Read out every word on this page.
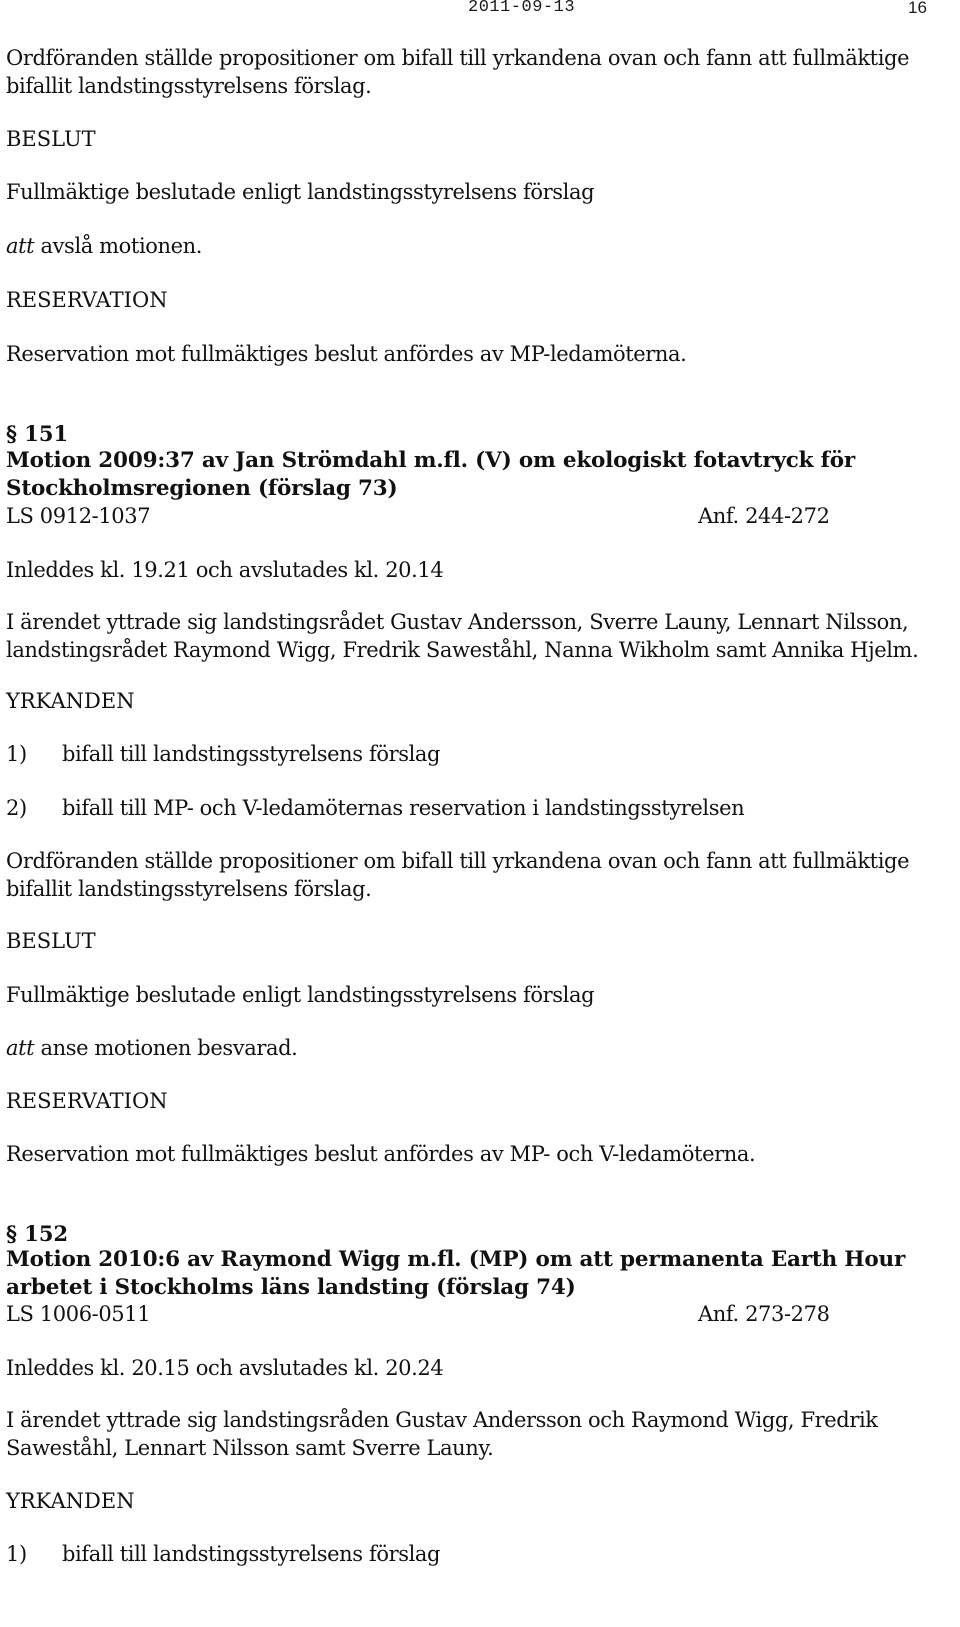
2011-09-13	16
Ordföranden ställde propositioner om bifall till yrkandena ovan och fann att fullmäktige bifallit landstingsstyrelsens förslag.
BESLUT
Fullmäktige beslutade enligt landstingsstyrelsens förslag
att avslå motionen.
RESERVATION
Reservation mot fullmäktiges beslut anfördes av MP-ledamöterna.
§ 151
Motion 2009:37 av Jan Strömdahl m.fl. (V) om ekologiskt fotavtryck för Stockholmsregionen (förslag 73)
LS 0912-1037	Anf. 244-272
Inleddes kl. 19.21 och avslutades kl. 20.14
I ärendet yttrade sig landstingsrådet Gustav Andersson, Sverre Launy, Lennart Nilsson, landstingsrådet Raymond Wigg, Fredrik Saweståhl, Nanna Wikholm samt Annika Hjelm.
YRKANDEN
1) bifall till landstingsstyrelsens förslag
2) bifall till MP- och V-ledamöternas reservation i landstingsstyrelsen
Ordföranden ställde propositioner om bifall till yrkandena ovan och fann att fullmäktige bifallit landstingsstyrelsens förslag.
BESLUT
Fullmäktige beslutade enligt landstingsstyrelsens förslag
att anse motionen besvarad.
RESERVATION
Reservation mot fullmäktiges beslut anfördes av MP- och V-ledamöterna.
§ 152
Motion 2010:6 av Raymond Wigg m.fl. (MP) om att permanenta Earth Hour arbetet i Stockholms läns landsting (förslag 74)
LS 1006-0511	Anf. 273-278
Inleddes kl. 20.15 och avslutades kl. 20.24
I ärendet yttrade sig landstingsråden Gustav Andersson och Raymond Wigg, Fredrik Saweståhl, Lennart Nilsson samt Sverre Launy.
YRKANDEN
1) bifall till landstingsstyrelsens förslag
